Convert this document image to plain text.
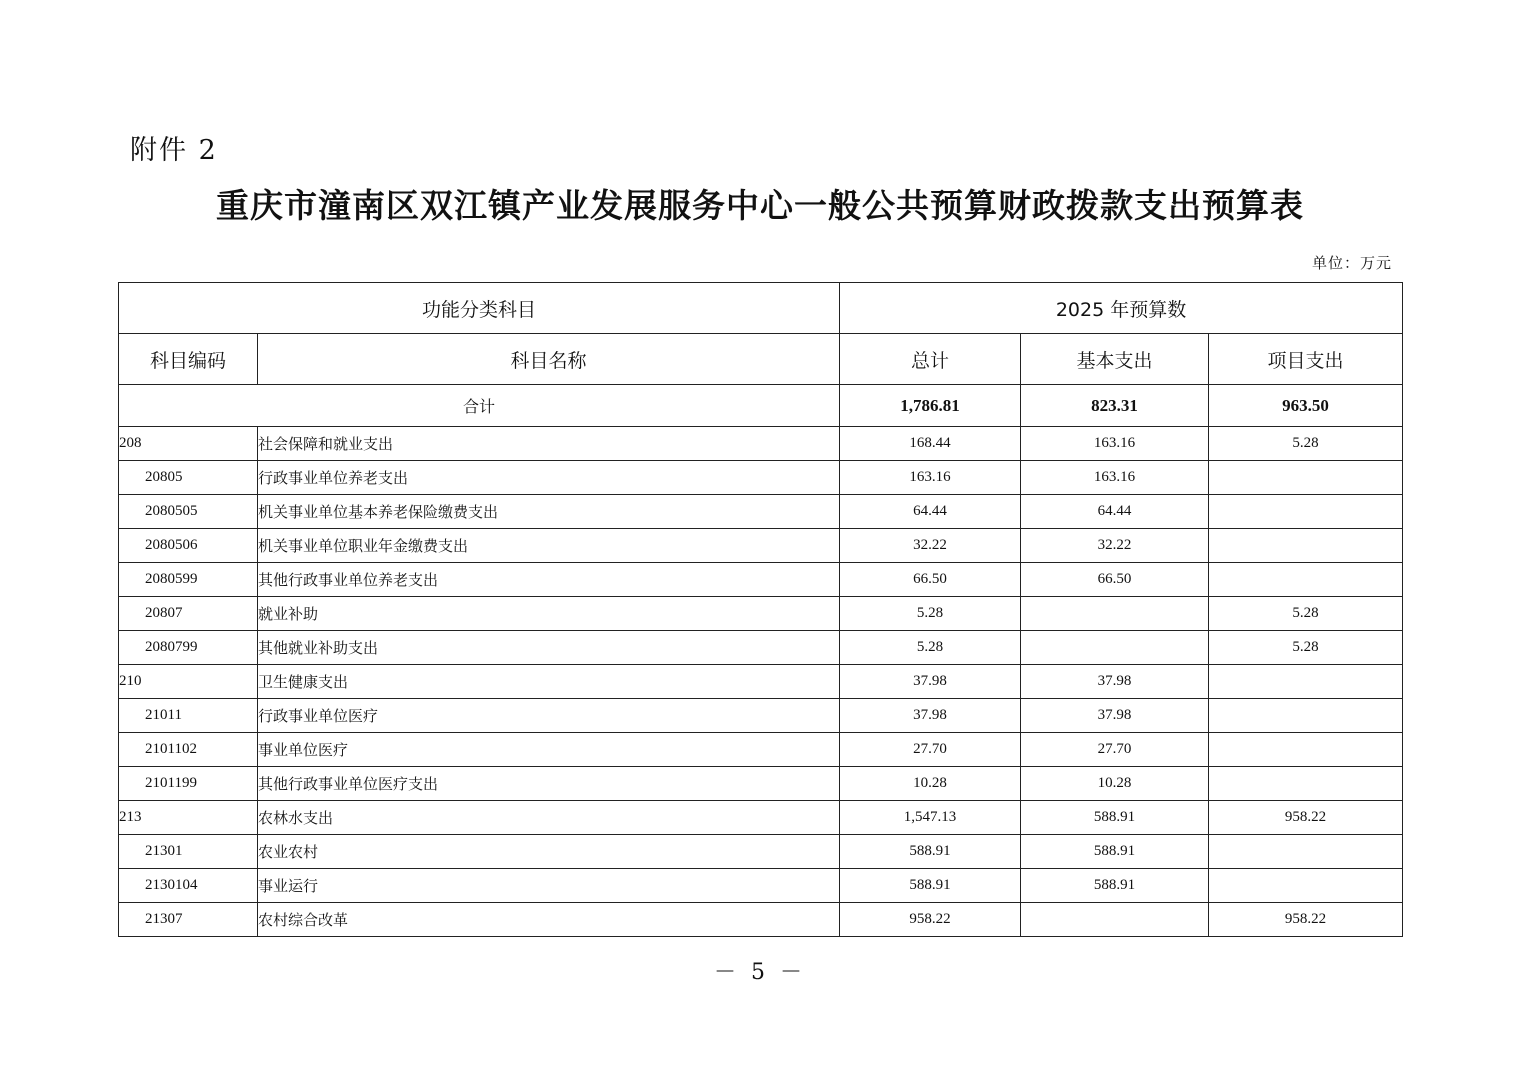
附件 2
重庆市潼南区双江镇产业发展服务中心一般公共预算财政拨款支出预算表
单位：万元
功能分类科目		2025 年预算数		
科目编码	科目名称	总计	基本支出	项目支出
合计		1,786.81	823.31	963.50
208	社会保障和就业支出	168.44	163.16	5.28
20805	行政事业单位养老支出	163.16	163.16	
2080505	机关事业单位基本养老保险缴费支出	64.44	64.44	
2080506	机关事业单位职业年金缴费支出	32.22	32.22	
2080599	其他行政事业单位养老支出	66.50	66.50	
20807	就业补助	5.28		5.28
2080799	其他就业补助支出	5.28		5.28
210	卫生健康支出	37.98	37.98	
21011	行政事业单位医疗	37.98	37.98	
2101102	事业单位医疗	27.70	27.70	
2101199	其他行政事业单位医疗支出	10.28	10.28	
213	农林水支出	1,547.13	588.91	958.22
21301	农业农村	588.91	588.91	
2130104	事业运行	588.91	588.91	
21307	农村综合改革	958.22		958.22
－ 5 －
